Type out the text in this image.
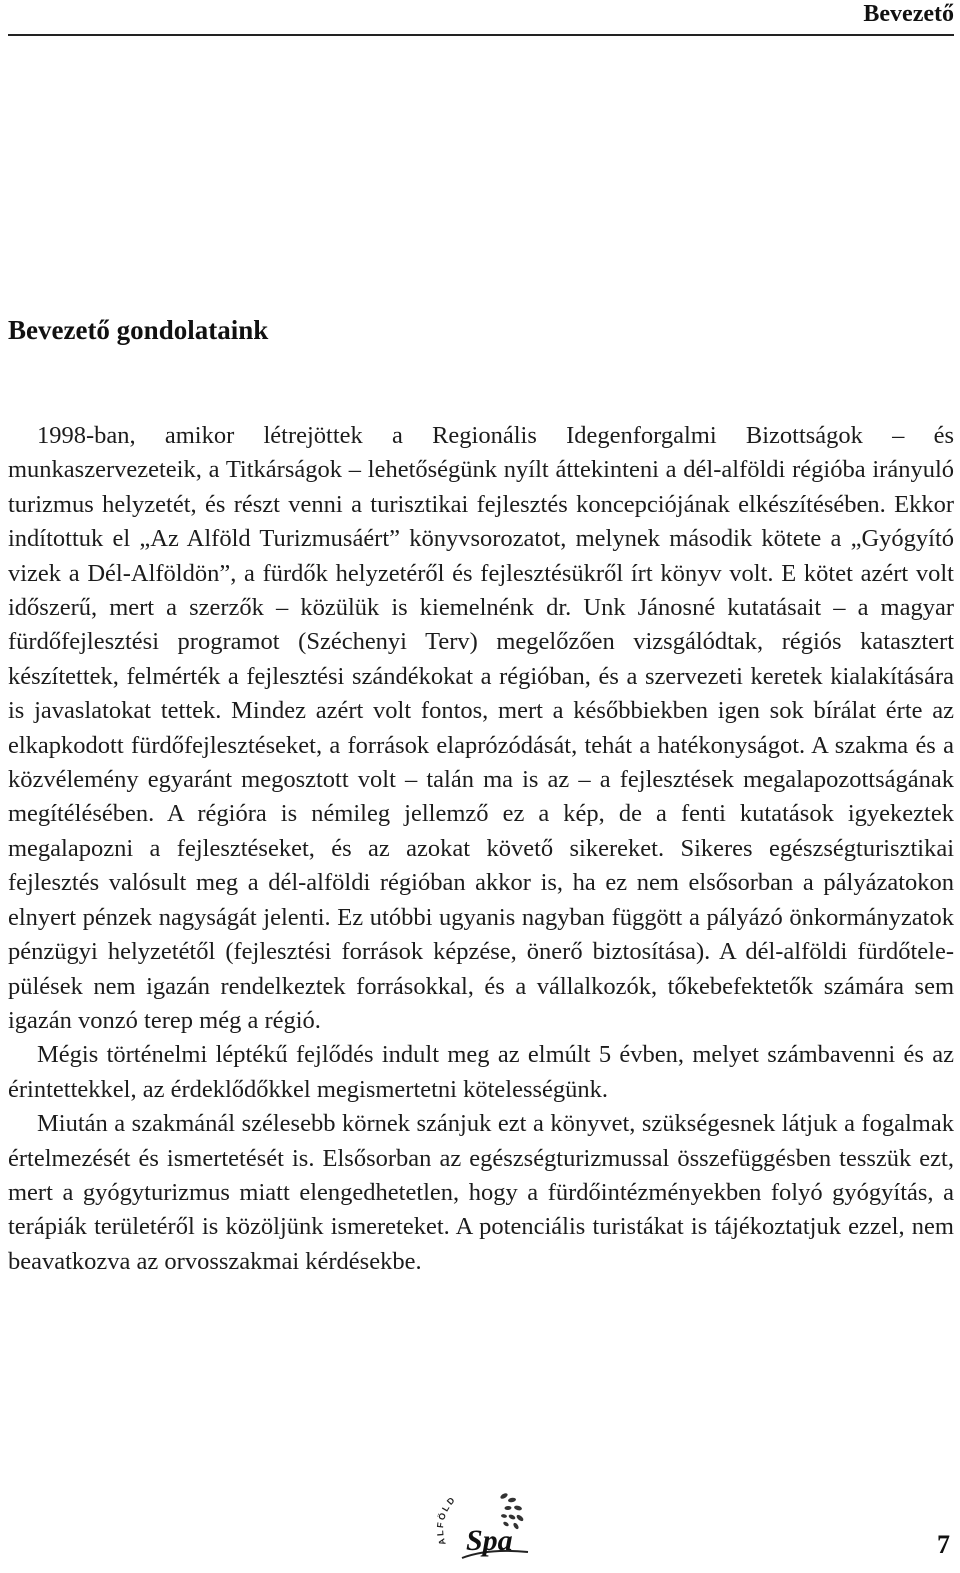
Bevezető
Bevezető gondolataink

1998-ban, amikor létrejöttek a Regionális Idegenforgalmi Bizottságok – és munkaszervezeteik, a Titkárságok – lehetőségünk nyílt áttekinteni a dél-alföldi régióba irányuló turizmus helyzetét, és részt venni a turisztikai fejlesztés koncepciójának elkészítésében. Ekkor indítottuk el „Az Alföld Turizmusáért” könyvsorozatot, melynek második kötete a „Gyógyító vizek a Dél-Alföldön”, a fürdők helyzetéről és fejlesztésükről írt könyv volt. E kötet azért volt időszerű, mert a szerzők – közülük is kiemelnénk dr. Unk Jánosné kutatásait – a magyar fürdőfejlesztési programot (Széchenyi Terv) megelőzően vizsgálódtak, régiós katasztert készítettek, felmérték a fejlesztési szándékokat a régióban, és a szervezeti keretek kialakítására is javaslatokat tettek. Mindez azért volt fontos, mert a későbbiekben igen sok bírálat érte az elkapkodott fürdőfejlesztéseket, a források elaprózódását, tehát a hatékonyságot. A szakma és a közvélemény egyaránt megosztott volt – talán ma is az – a fejlesztések megalapozottságának megítélésében. A régióra is némileg jellemző ez a kép, de a fenti kutatások igyekeztek megalapozni a fejlesztéseket, és az azokat követő sikereket. Sikeres egészségturisztikai fejlesztés valósult meg a dél-alföldi régióban akkor is, ha ez nem elsősorban a pályázatokon elnyert pénzek nagyságát jelenti. Ez utóbbi ugyanis nagyban függött a pályázó önkormányzatok pénzügyi helyzetétől (fejlesztési források képzése, önerő biztosítása). A dél-alföldi fürdőtelepülések nem igazán rendelkeztek forrásokkal, és a vállalkozók, tőkebefektetők számára sem igazán vonzó terep még a régió.

Mégis történelmi léptékű fejlődés indult meg az elmúlt 5 évben, melyet számbavenni és az érintettekkel, az érdeklődőkkel megismertetni kötelességünk.

Miután a szakmánál szélesebb körnek szánjuk ezt a könyvet, szükségesnek látjuk a fogalmak értelmezését és ismertetését is. Elsősorban az egészségturizmussal összefüggésben tesszük ezt, mert a gyógyturizmus miatt elengedhetetlen, hogy a fürdőintézményekben folyó gyógyítás, a terápiák területéről is közöljünk ismereteket. A potenciális turistákat is tájékoztatjuk ezzel, nem beavatkozva az orvosszakmai kérdésekbe.

ALFÖLD
Spa	7
